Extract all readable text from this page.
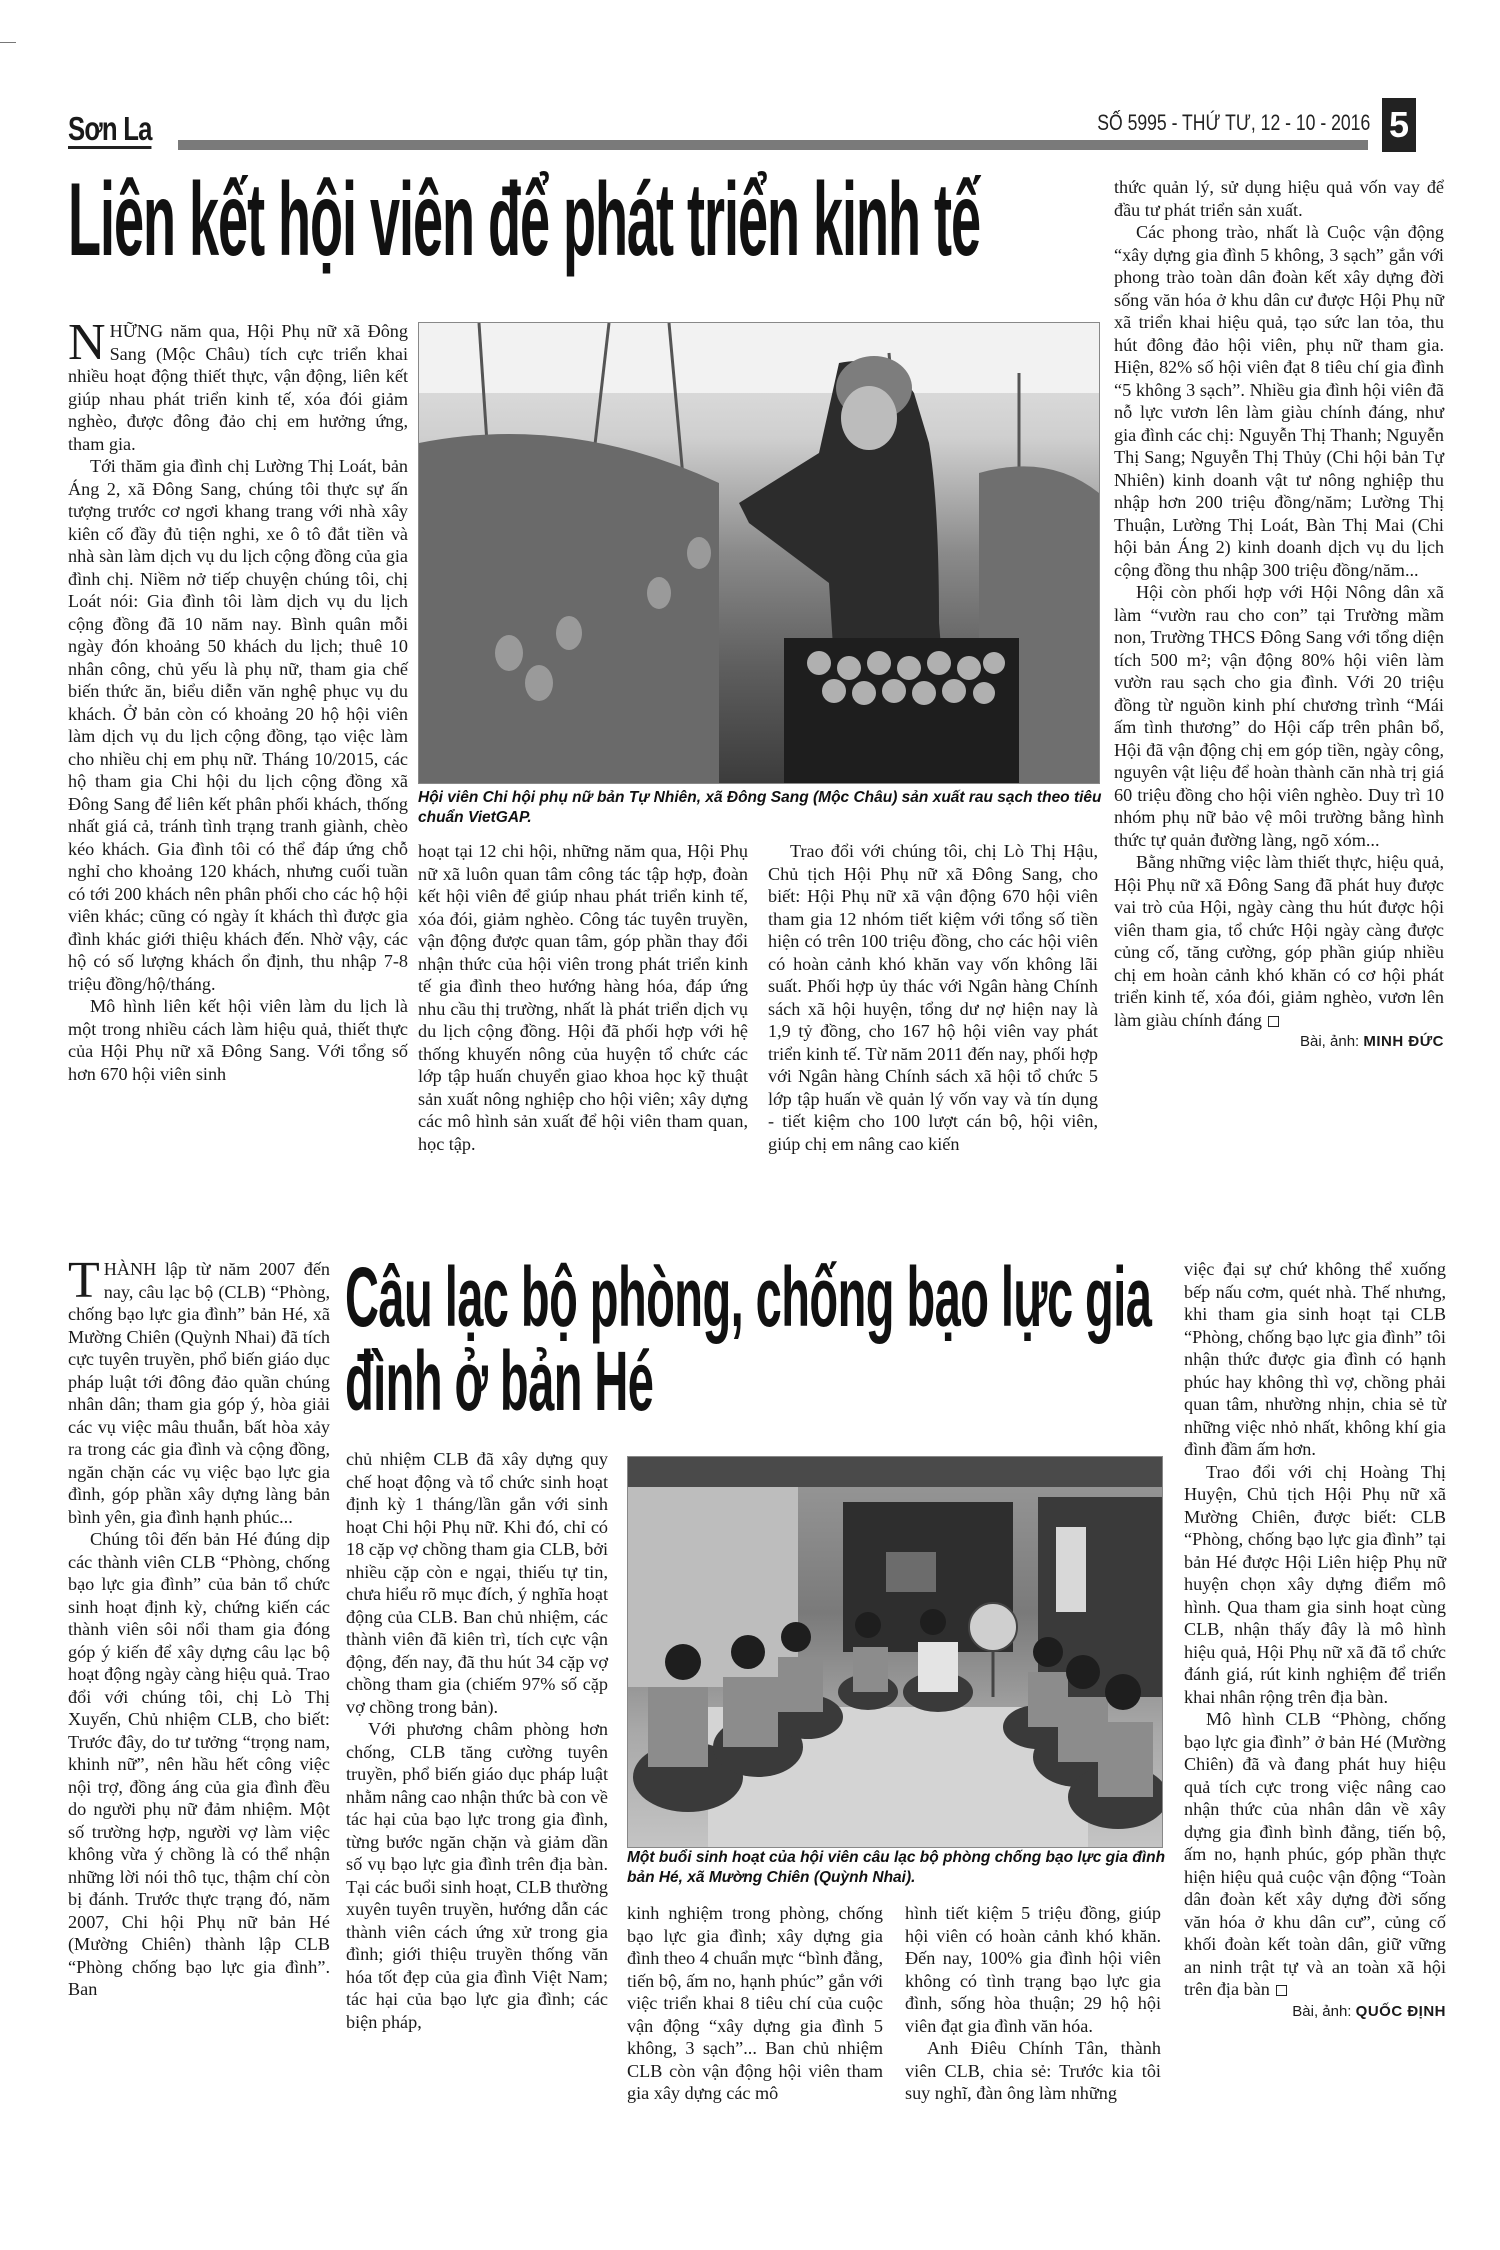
Sơn La	SỐ 5995 - THỨ TƯ, 12 - 10 - 2016 5
Liên kết hội viên để phát triển kinh tế

NHỮNG năm qua, Hội Phụ nữ xã Đông Sang (Mộc Châu) tích cực triển khai nhiều hoạt động thiết thực, vận động, liên kết giúp nhau phát triển kinh tế, xóa đói giảm nghèo, được đông đảo chị em hưởng ứng, tham gia.

Tới thăm gia đình chị Lường Thị Loát, bản Áng 2, xã Đông Sang, chúng tôi thực sự ấn tượng trước cơ ngơi khang trang với nhà xây kiên cố đầy đủ tiện nghi, xe ô tô đắt tiền và nhà sàn làm dịch vụ du lịch cộng đồng của gia đình chị. Niềm nở tiếp chuyện chúng tôi, chị Loát nói: Gia đình tôi làm dịch vụ du lịch cộng đồng đã 10 năm nay. Bình quân mỗi ngày đón khoảng 50 khách du lịch; thuê 10 nhân công, chủ yếu là phụ nữ, tham gia chế biến thức ăn, biểu diễn văn nghệ phục vụ du khách. Ở bản còn có khoảng 20 hộ hội viên làm dịch vụ du lịch cộng đồng, tạo việc làm cho nhiều chị em phụ nữ. Tháng 10/2015, các hộ tham gia Chi hội du lịch cộng đồng xã Đông Sang để liên kết phân phối khách, thống nhất giá cả, tránh tình trạng tranh giành, chèo kéo khách. Gia đình tôi có thể đáp ứng chỗ nghỉ cho khoảng 120 khách, nhưng cuối tuần có tới 200 khách nên phân phối cho các hộ hội viên khác; cũng có ngày ít khách thì được gia đình khác giới thiệu khách đến. Nhờ vậy, các hộ có số lượng khách ổn định, thu nhập 7-8 triệu đồng/hộ/tháng.

Mô hình liên kết hội viên làm du lịch là một trong nhiều cách làm hiệu quả, thiết thực của Hội Phụ nữ xã Đông Sang. Với tổng số hơn 670 hội viên sinh

Hội viên Chi hội phụ nữ bản Tự Nhiên, xã Đông Sang (Mộc Châu) sản xuất rau sạch theo tiêu chuẩn VietGAP.

hoạt tại 12 chi hội, những năm qua, Hội Phụ nữ xã luôn quan tâm công tác tập hợp, đoàn kết hội viên để giúp nhau phát triển kinh tế, xóa đói, giảm nghèo. Công tác tuyên truyền, vận động được quan tâm, góp phần thay đổi nhận thức của hội viên trong phát triển kinh tế gia đình theo hướng hàng hóa, đáp ứng nhu cầu thị trường, nhất là phát triển dịch vụ du lịch cộng đồng. Hội đã phối hợp với hệ thống khuyến nông của huyện tổ chức các lớp tập huấn chuyển giao khoa học kỹ thuật sản xuất nông nghiệp cho hội viên; xây dựng các mô hình sản xuất để hội viên tham quan, học tập.

Trao đổi với chúng tôi, chị Lò Thị Hậu, Chủ tịch Hội Phụ nữ xã Đông Sang, cho biết: Hội Phụ nữ xã vận động 670 hội viên tham gia 12 nhóm tiết kiệm với tổng số tiền hiện có trên 100 triệu đồng, cho các hội viên có hoàn cảnh khó khăn vay vốn không lãi suất. Phối hợp ủy thác với Ngân hàng Chính sách xã hội huyện, tổng dư nợ hiện nay là 1,9 tỷ đồng, cho 167 hộ hội viên vay phát triển kinh tế. Từ năm 2011 đến nay, phối hợp với Ngân hàng Chính sách xã hội tổ chức 5 lớp tập huấn về quản lý vốn vay và tín dụng - tiết kiệm cho 100 lượt cán bộ, hội viên, giúp chị em nâng cao kiến

thức quản lý, sử dụng hiệu quả vốn vay để đầu tư phát triển sản xuất.

Các phong trào, nhất là Cuộc vận động “xây dựng gia đình 5 không, 3 sạch” gắn với phong trào toàn dân đoàn kết xây dựng đời sống văn hóa ở khu dân cư được Hội Phụ nữ xã triển khai hiệu quả, tạo sức lan tỏa, thu hút đông đảo hội viên, phụ nữ tham gia. Hiện, 82% số hội viên đạt 8 tiêu chí gia đình “5 không 3 sạch”. Nhiều gia đình hội viên đã nỗ lực vươn lên làm giàu chính đáng, như gia đình các chị: Nguyễn Thị Thanh; Nguyễn Thị Sang; Nguyễn Thị Thủy (Chi hội bản Tự Nhiên) kinh doanh vật tư nông nghiệp thu nhập hơn 200 triệu đồng/năm; Lường Thị Thuận, Lường Thị Loát, Bàn Thị Mai (Chi hội bản Áng 2) kinh doanh dịch vụ du lịch cộng đồng thu nhập 300 triệu đồng/năm...

Hội còn phối hợp với Hội Nông dân xã làm “vườn rau cho con” tại Trường mầm non, Trường THCS Đông Sang với tổng diện tích 500 m²; vận động 80% hội viên làm vườn rau sạch cho gia đình. Với 20 triệu đồng từ nguồn kinh phí chương trình “Mái ấm tình thương” do Hội cấp trên phân bổ, Hội đã vận động chị em góp tiền, ngày công, nguyên vật liệu để hoàn thành căn nhà trị giá 60 triệu đồng cho hội viên nghèo. Duy trì 10 nhóm phụ nữ bảo vệ môi trường bằng hình thức tự quản đường làng, ngõ xóm...

Bằng những việc làm thiết thực, hiệu quả, Hội Phụ nữ xã Đông Sang đã phát huy được vai trò của Hội, ngày càng thu hút được hội viên tham gia, tổ chức Hội ngày càng được củng cố, tăng cường, góp phần giúp nhiều chị em hoàn cảnh khó khăn có cơ hội phát triển kinh tế, xóa đói, giảm nghèo, vươn lên làm giàu chính đáng

Bài, ảnh: MINH ĐỨC
Câu lạc bộ phòng, chống bạo lực gia đình ở bản Hé

THÀNH lập từ năm 2007 đến nay, câu lạc bộ (CLB) “Phòng, chống bạo lực gia đình” bản Hé, xã Mường Chiên (Quỳnh Nhai) đã tích cực tuyên truyền, phổ biến giáo dục pháp luật tới đông đảo quần chúng nhân dân; tham gia góp ý, hòa giải các vụ việc mâu thuẫn, bất hòa xảy ra trong các gia đình và cộng đồng, ngăn chặn các vụ việc bạo lực gia đình, góp phần xây dựng làng bản bình yên, gia đình hạnh phúc...

Chúng tôi đến bản Hé đúng dịp các thành viên CLB “Phòng, chống bạo lực gia đình” của bản tổ chức sinh hoạt định kỳ, chứng kiến các thành viên sôi nổi tham gia đóng góp ý kiến để xây dựng câu lạc bộ hoạt động ngày càng hiệu quả. Trao đổi với chúng tôi, chị Lò Thị Xuyến, Chủ nhiệm CLB, cho biết: Trước đây, do tư tưởng “trọng nam, khinh nữ”, nên hầu hết công việc nội trợ, đồng áng của gia đình đều do người phụ nữ đảm nhiệm. Một số trường hợp, người vợ làm việc không vừa ý chồng là có thể nhận những lời nói thô tục, thậm chí còn bị đánh. Trước thực trạng đó, năm 2007, Chi hội Phụ nữ bản Hé (Mường Chiên) thành lập CLB “Phòng chống bạo lực gia đình”. Ban

chủ nhiệm CLB đã xây dựng quy chế hoạt động và tổ chức sinh hoạt định kỳ 1 tháng/lần gắn với sinh hoạt Chi hội Phụ nữ. Khi đó, chỉ có 18 cặp vợ chồng tham gia CLB, bởi nhiều cặp còn e ngại, thiếu tự tin, chưa hiểu rõ mục đích, ý nghĩa hoạt động của CLB. Ban chủ nhiệm, các thành viên đã kiên trì, tích cực vận động, đến nay, đã thu hút 34 cặp vợ chồng tham gia (chiếm 97% số cặp vợ chồng trong bản).

Với phương châm phòng hơn chống, CLB tăng cường tuyên truyền, phổ biến giáo dục pháp luật nhằm nâng cao nhận thức bà con về tác hại của bạo lực trong gia đình, từng bước ngăn chặn và giảm dần số vụ bạo lực gia đình trên địa bàn. Tại các buổi sinh hoạt, CLB thường xuyên tuyên truyền, hướng dẫn các thành viên cách ứng xử trong gia đình; giới thiệu truyền thống văn hóa tốt đẹp của gia đình Việt Nam; tác hại của bạo lực gia đình; các biện pháp,

Một buổi sinh hoạt của hội viên câu lạc bộ phòng chống bạo lực gia đình bản Hé, xã Mường Chiên (Quỳnh Nhai).

kinh nghiệm trong phòng, chống bạo lực gia đình; xây dựng gia đình theo 4 chuẩn mực “bình đẳng, tiến bộ, ấm no, hạnh phúc” gắn với việc triển khai 8 tiêu chí của cuộc vận động “xây dựng gia đình 5 không, 3 sạch”... Ban chủ nhiệm CLB còn vận động hội viên tham gia xây dựng các mô

hình tiết kiệm 5 triệu đồng, giúp hội viên có hoàn cảnh khó khăn. Đến nay, 100% gia đình hội viên không có tình trạng bạo lực gia đình, sống hòa thuận; 29 hộ hội viên đạt gia đình văn hóa.

Anh Điêu Chính Tân, thành viên CLB, chia sẻ: Trước kia tôi suy nghĩ, đàn ông làm những

việc đại sự chứ không thể xuống bếp nấu cơm, quét nhà. Thế nhưng, khi tham gia sinh hoạt tại CLB “Phòng, chống bạo lực gia đình” tôi nhận thức được gia đình có hạnh phúc hay không thì vợ, chồng phải quan tâm, nhường nhịn, chia sẻ từ những việc nhỏ nhất, không khí gia đình đầm ấm hơn.

Trao đổi với chị Hoàng Thị Huyện, Chủ tịch Hội Phụ nữ xã Mường Chiên, được biết: CLB “Phòng, chống bạo lực gia đình” tại bản Hé được Hội Liên hiệp Phụ nữ huyện chọn xây dựng điểm mô hình. Qua tham gia sinh hoạt cùng CLB, nhận thấy đây là mô hình hiệu quả, Hội Phụ nữ xã đã tổ chức đánh giá, rút kinh nghiệm để triển khai nhân rộng trên địa bàn.

Mô hình CLB “Phòng, chống bạo lực gia đình” ở bản Hé (Mường Chiên) đã và đang phát huy hiệu quả tích cực trong việc nâng cao nhận thức của nhân dân về xây dựng gia đình bình đẳng, tiến bộ, ấm no, hạnh phúc, góp phần thực hiện hiệu quả cuộc vận động “Toàn dân đoàn kết xây dựng đời sống văn hóa ở khu dân cư”, củng cố khối đoàn kết toàn dân, giữ vững an ninh trật tự và an toàn xã hội trên địa bàn

Bài, ảnh: QUỐC ĐỊNH
